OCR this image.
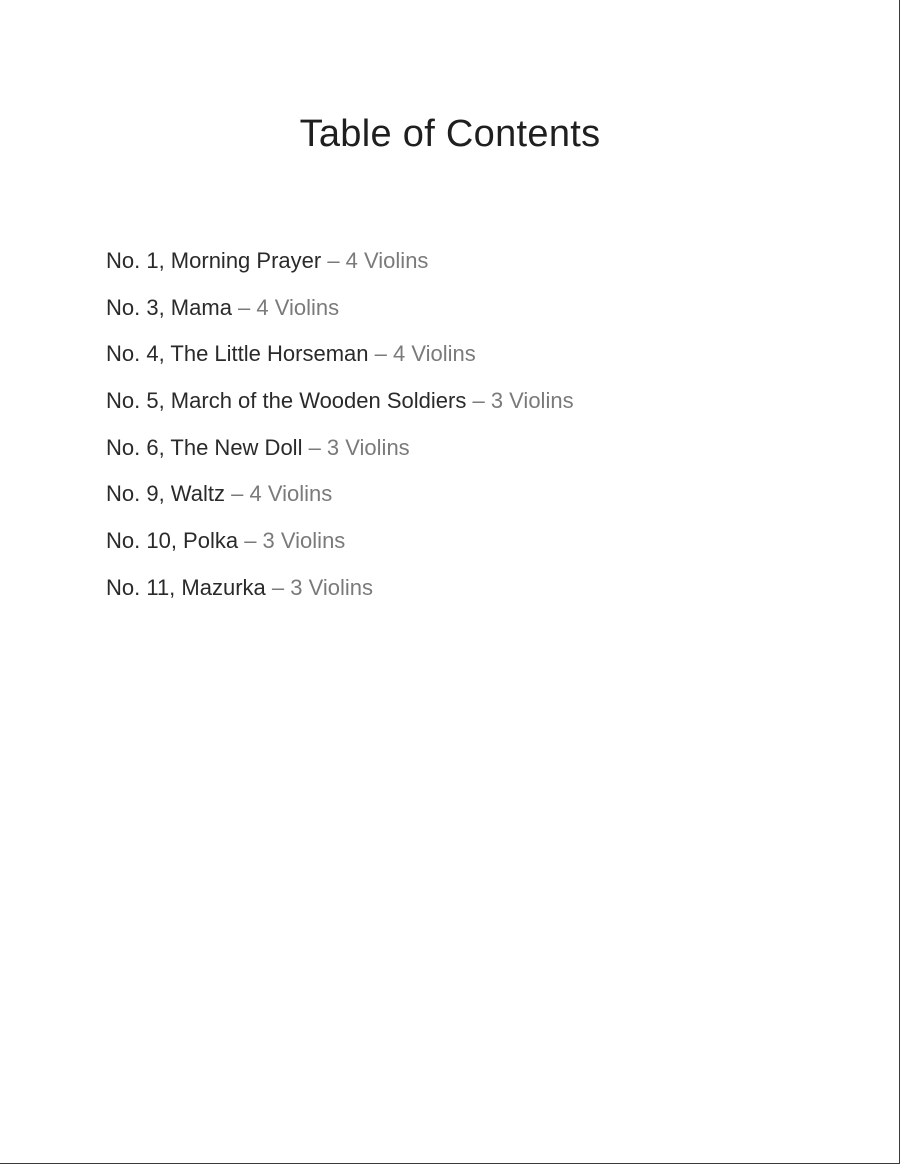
Table of Contents
No. 1, Morning Prayer – 4 Violins
No. 3, Mama – 4 Violins
No. 4, The Little Horseman – 4 Violins
No. 5, March of the Wooden Soldiers – 3 Violins
No. 6, The New Doll – 3 Violins
No. 9, Waltz – 4 Violins
No. 10, Polka – 3 Violins
No. 11, Mazurka – 3 Violins
